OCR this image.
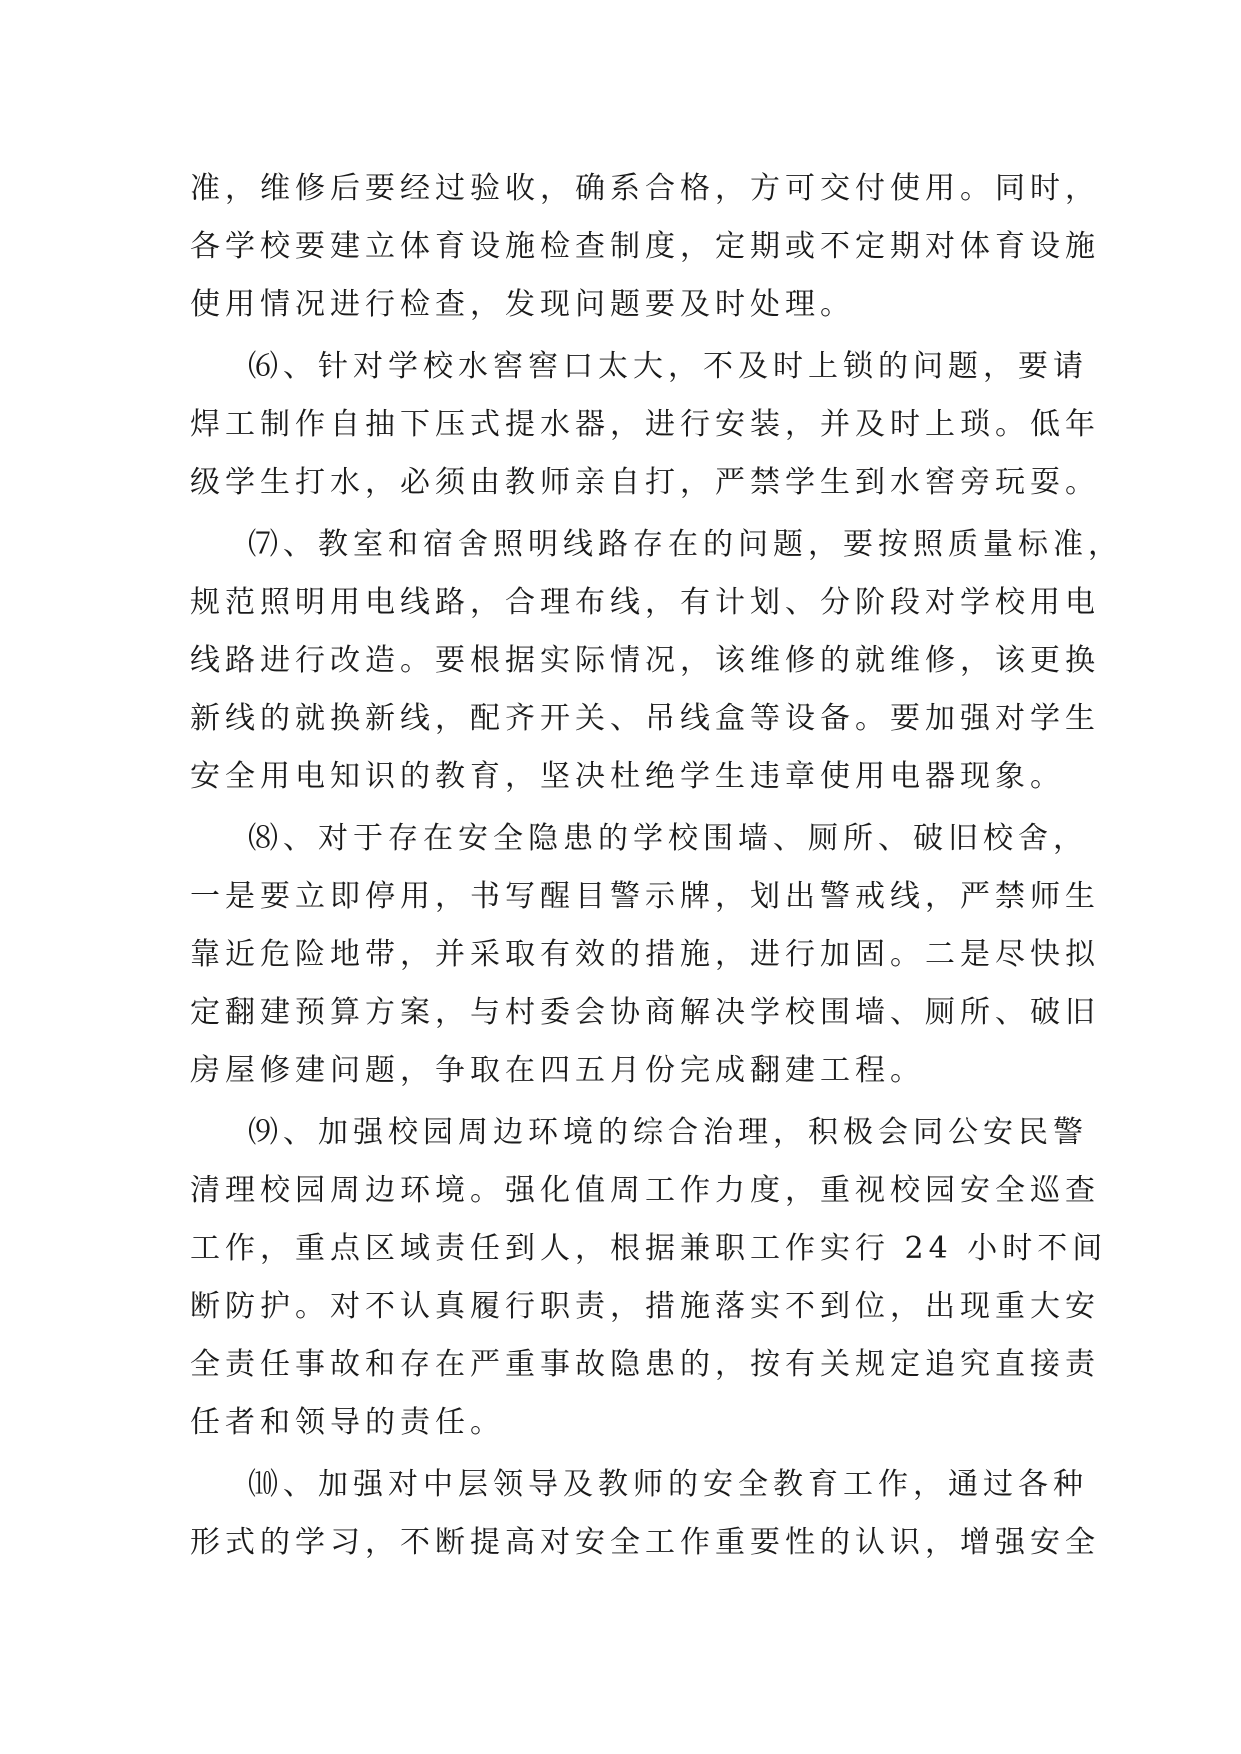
准，维修后要经过验收，确系合格，方可交付使用。同时，
各学校要建立体育设施检查制度，定期或不定期对体育设施
使用情况进行检查，发现问题要及时处理。
⑹、针对学校水窖窖口太大，不及时上锁的问题，要请
焊工制作自抽下压式提水器，进行安装，并及时上琐。低年
级学生打水，必须由教师亲自打，严禁学生到水窖旁玩耍。
⑺、教室和宿舍照明线路存在的问题，要按照质量标准，
规范照明用电线路，合理布线，有计划、分阶段对学校用电
线路进行改造。要根据实际情况，该维修的就维修，该更换
新线的就换新线，配齐开关、吊线盒等设备。要加强对学生
安全用电知识的教育，坚决杜绝学生违章使用电器现象。
⑻、对于存在安全隐患的学校围墙、厕所、破旧校舍，
一是要立即停用，书写醒目警示牌，划出警戒线，严禁师生
靠近危险地带，并采取有效的措施，进行加固。二是尽快拟
定翻建预算方案，与村委会协商解决学校围墙、厕所、破旧
房屋修建问题，争取在四五月份完成翻建工程。
⑼、加强校园周边环境的综合治理，积极会同公安民警
清理校园周边环境。强化值周工作力度，重视校园安全巡查
工作，重点区域责任到人，根据兼职工作实行 24 小时不间
断防护。对不认真履行职责，措施落实不到位，出现重大安
全责任事故和存在严重事故隐患的，按有关规定追究直接责
任者和领导的责任。
⑽、加强对中层领导及教师的安全教育工作，通过各种
形式的学习，不断提高对安全工作重要性的认识，增强安全
